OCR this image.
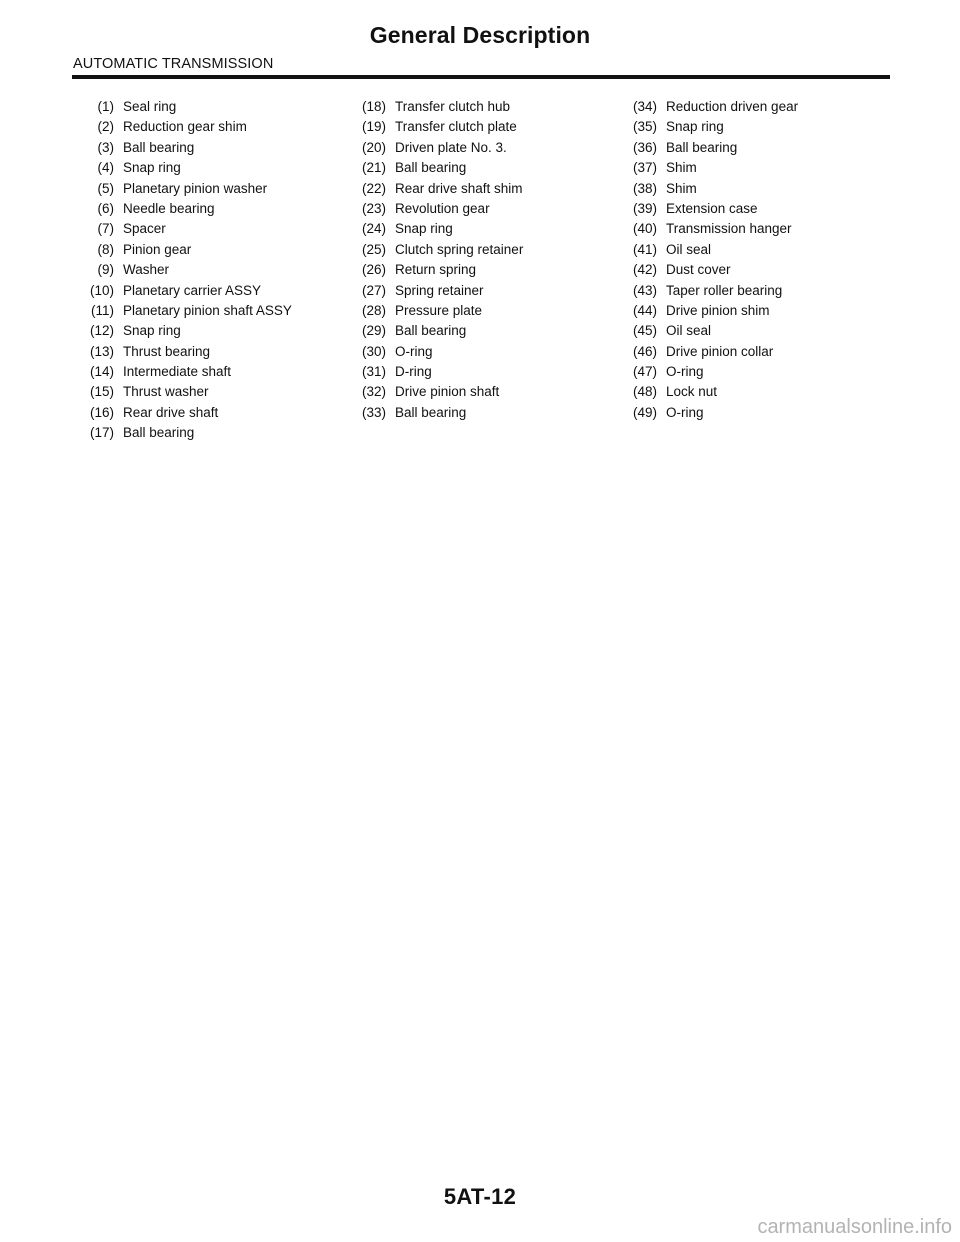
General Description
AUTOMATIC TRANSMISSION
(1) Seal ring
(2) Reduction gear shim
(3) Ball bearing
(4) Snap ring
(5) Planetary pinion washer
(6) Needle bearing
(7) Spacer
(8) Pinion gear
(9) Washer
(10) Planetary carrier ASSY
(11) Planetary pinion shaft ASSY
(12) Snap ring
(13) Thrust bearing
(14) Intermediate shaft
(15) Thrust washer
(16) Rear drive shaft
(17) Ball bearing
(18) Transfer clutch hub
(19) Transfer clutch plate
(20) Driven plate No. 3.
(21) Ball bearing
(22) Rear drive shaft shim
(23) Revolution gear
(24) Snap ring
(25) Clutch spring retainer
(26) Return spring
(27) Spring retainer
(28) Pressure plate
(29) Ball bearing
(30) O-ring
(31) D-ring
(32) Drive pinion shaft
(33) Ball bearing
(34) Reduction driven gear
(35) Snap ring
(36) Ball bearing
(37) Shim
(38) Shim
(39) Extension case
(40) Transmission hanger
(41) Oil seal
(42) Dust cover
(43) Taper roller bearing
(44) Drive pinion shim
(45) Oil seal
(46) Drive pinion collar
(47) O-ring
(48) Lock nut
(49) O-ring
5AT-12
carmanualsonline.info
